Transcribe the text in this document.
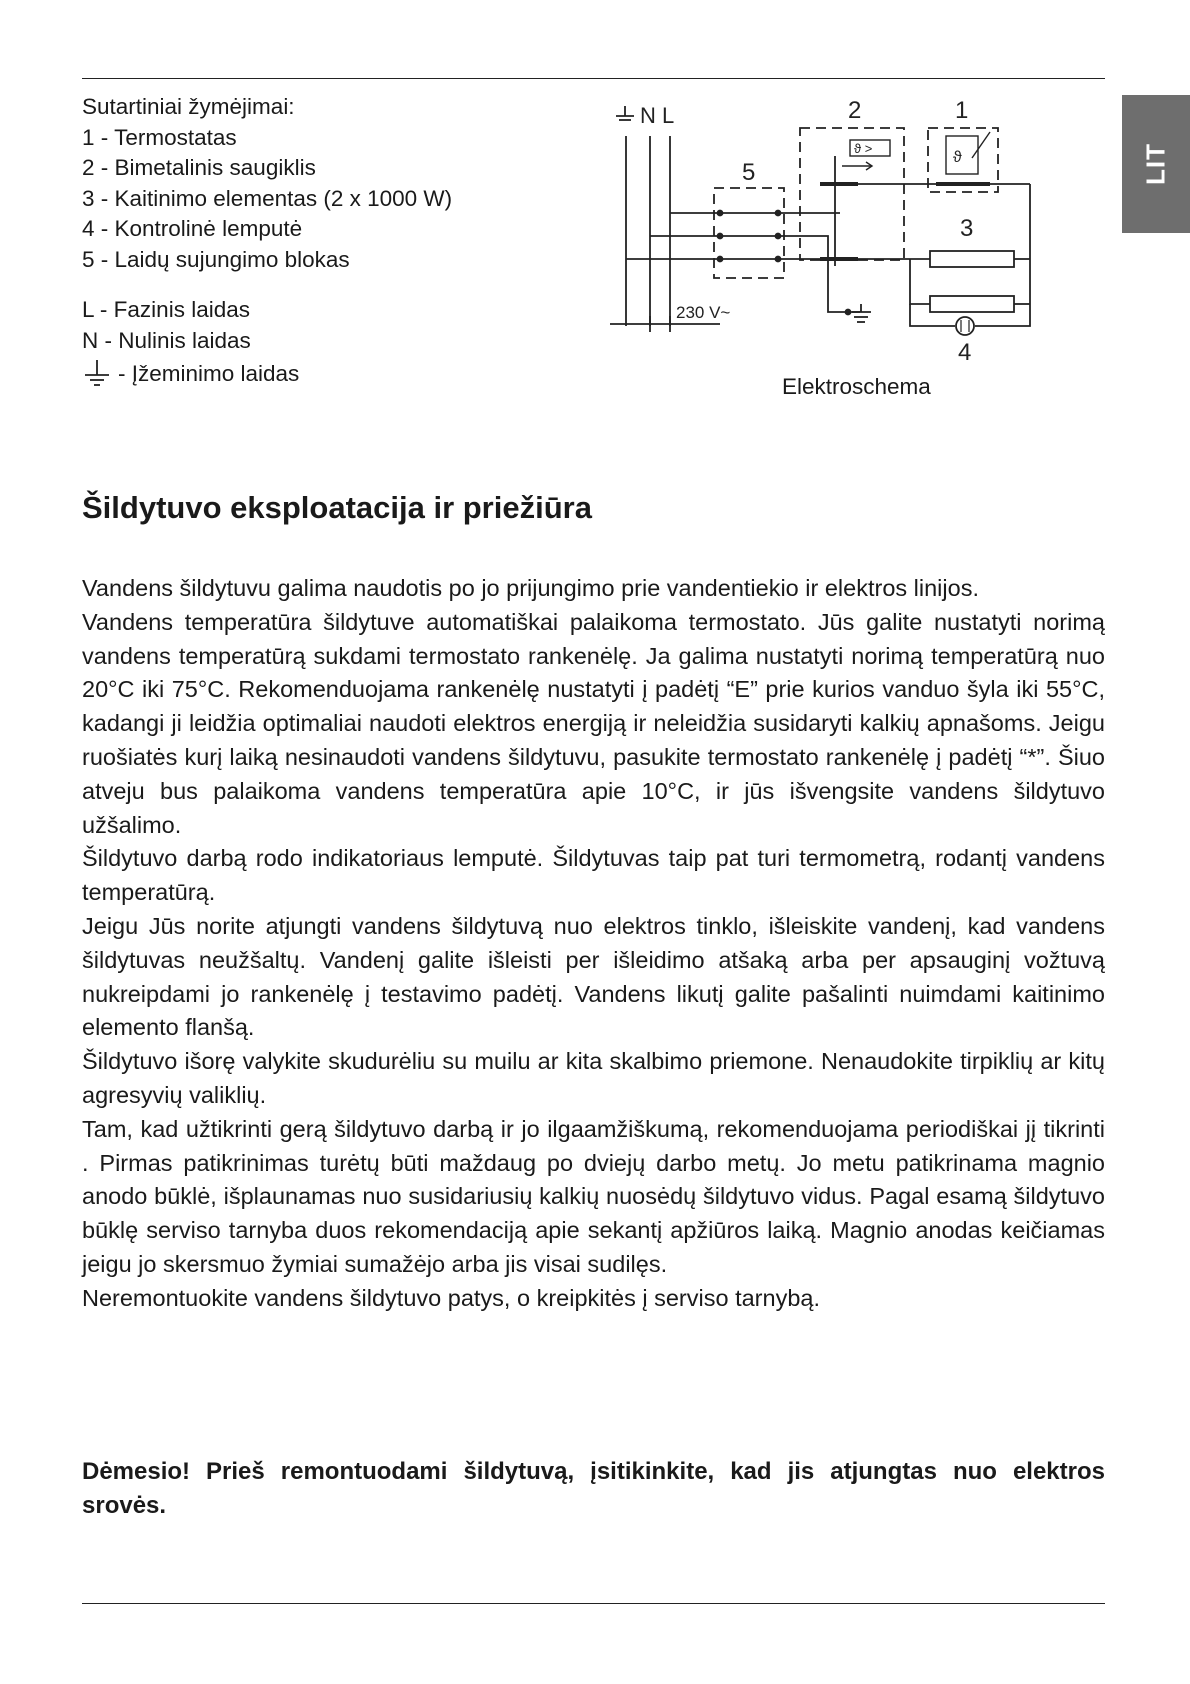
LIT
Sutartiniai žymėjimai:
1 - Termostatas
2 - Bimetalinis saugiklis
3 - Kaitinimo elementas (2 x 1000 W)
4 - Kontrolinė lemputė
5 - Laidų sujungimo blokas
L - Fazinis laidas
N - Nulinis laidas
- Įžeminimo laidas
N L
230 V~
5
2
ϑ >
1
ϑ
3
4
Elektroschema
Šildytuvo eksploatacija ir priežiūra

Vandens šildytuvu galima naudotis po jo prijungimo prie vandentiekio ir elektros linijos.

Vandens temperatūra šildytuve automatiškai palaikoma termostato. Jūs galite nustatyti norimą vandens temperatūrą sukdami termostato rankenėlę. Ja galima nustatyti norimą temperatūrą nuo 20°C iki 75°C. Rekomenduojama rankenėlę nustatyti į padėtį “E” prie kurios vanduo šyla iki 55°C, kadangi ji leidžia optimaliai naudoti elektros energiją ir neleidžia susidaryti kalkių apnašoms. Jeigu ruošiatės kurį laiką nesinaudoti vandens šildytuvu, pasukite termostato rankenėlę į padėtį “*”. Šiuo atveju bus palaikoma vandens temperatūra apie 10°C, ir jūs išvengsite vandens šildytuvo užšalimo.

Šildytuvo darbą rodo indikatoriaus lemputė. Šildytuvas taip pat turi termometrą, rodantį vandens temperatūrą.

Jeigu Jūs norite atjungti vandens šildytuvą nuo elektros tinklo, išleiskite vandenį, kad vandens šildytuvas neužšaltų. Vandenį galite išleisti per išleidimo atšaką arba per apsauginį vožtuvą nukreipdami jo rankenėlę į testavimo padėtį. Vandens likutį galite pašalinti nuimdami kaitinimo elemento flanšą.

Šildytuvo išorę valykite skudurėliu su muilu ar kita skalbimo priemone. Nenaudokite tirpiklių ar kitų agresyvių valiklių.

Tam, kad užtikrinti gerą šildytuvo darbą ir jo ilgaamžiškumą, rekomenduojama periodiškai jį tikrinti . Pirmas patikrinimas turėtų būti maždaug po dviejų darbo metų. Jo metu patikrinama magnio anodo būklė, išplaunamas nuo susidariusių kalkių nuosėdų šildytuvo vidus. Pagal esamą šildytuvo būklę serviso tarnyba duos rekomendaciją apie sekantį apžiūros laiką. Magnio anodas keičiamas jeigu jo skersmuo žymiai sumažėjo arba jis visai sudilęs.

Neremontuokite vandens šildytuvo patys, o kreipkitės į serviso tarnybą.

Dėmesio! Prieš remontuodami šildytuvą, įsitikinkite, kad jis atjungtas nuo elektros srovės.
